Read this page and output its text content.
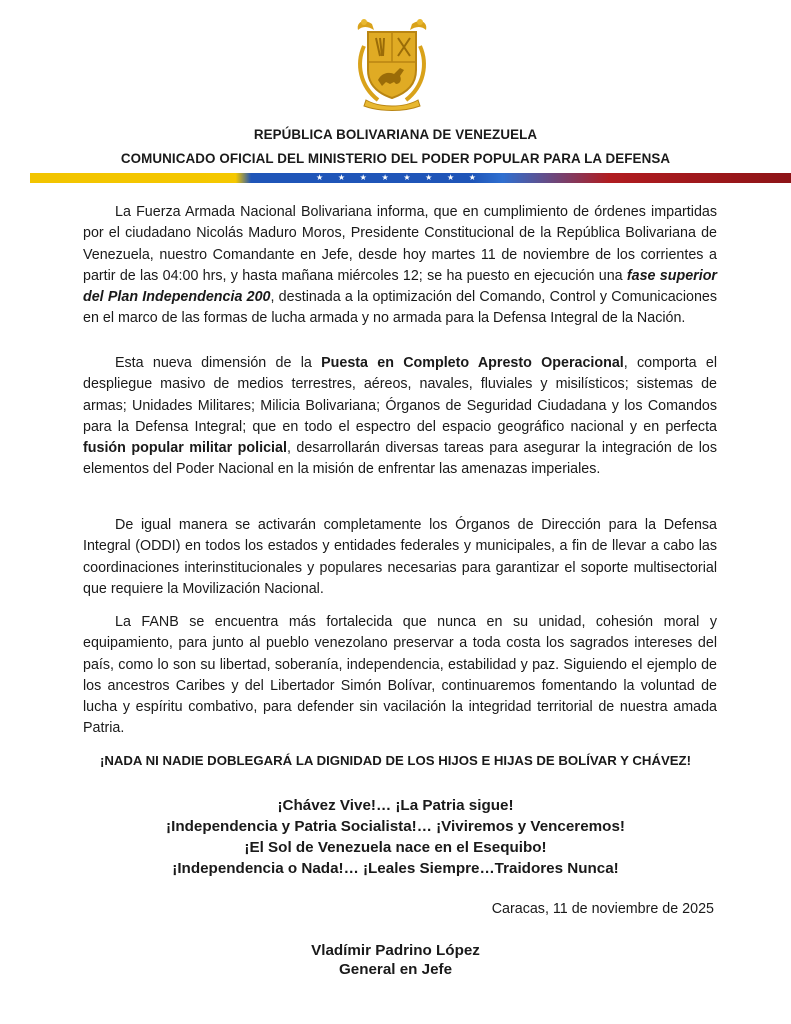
REPÚBLICA BOLIVARIANA DE VENEZUELA
COMUNICADO OFICIAL DEL MINISTERIO DEL PODER POPULAR PARA LA DEFENSA
★ ★ ★ ★ ★ ★ ★ ★

La Fuerza Armada Nacional Bolivariana informa, que en cumplimiento de órdenes impartidas por el ciudadano Nicolás Maduro Moros, Presidente Constitucional de la República Bolivariana de Venezuela, nuestro Comandante en Jefe, desde hoy martes 11 de noviembre de los corrientes a partir de las 04:00 hrs, y hasta mañana miércoles 12; se ha puesto en ejecución una fase superior del Plan Independencia 200, destinada a la optimización del Comando, Control y Comunicaciones en el marco de las formas de lucha armada y no armada para la Defensa Integral de la Nación.

Esta nueva dimensión de la Puesta en Completo Apresto Operacional, comporta el despliegue masivo de medios terrestres, aéreos, navales, fluviales y misilísticos; sistemas de armas; Unidades Militares; Milicia Bolivariana; Órganos de Seguridad Ciudadana y los Comandos para la Defensa Integral; que en todo el espectro del espacio geográfico nacional y en perfecta fusión popular militar policial, desarrollarán diversas tareas para asegurar la integración de los elementos del Poder Nacional en la misión de enfrentar las amenazas imperiales.

De igual manera se activarán completamente los Órganos de Dirección para la Defensa Integral (ODDI) en todos los estados y entidades federales y municipales, a fin de llevar a cabo las coordinaciones interinstitucionales y populares necesarias para garantizar el soporte multisectorial que requiere la Movilización Nacional.

La FANB se encuentra más fortalecida que nunca en su unidad, cohesión moral y equipamiento, para junto al pueblo venezolano preservar a toda costa los sagrados intereses del país, como lo son su libertad, soberanía, independencia, estabilidad y paz. Siguiendo el ejemplo de los ancestros Caribes y del Libertador Simón Bolívar, continuaremos fomentando la voluntad de lucha y espíritu combativo, para defender sin vacilación la integridad territorial de nuestra amada Patria.

¡NADA NI NADIE DOBLEGARÁ LA DIGNIDAD DE LOS HIJOS E HIJAS DE BOLÍVAR Y CHÁVEZ!
¡Chávez Vive!… ¡La Patria sigue!
¡Independencia y Patria Socialista!… ¡Viviremos y Venceremos!
¡El Sol de Venezuela nace en el Esequibo!
¡Independencia o Nada!… ¡Leales Siempre…Traidores Nunca!
Caracas, 11 de noviembre de 2025
Vladímir Padrino López
General en Jefe
